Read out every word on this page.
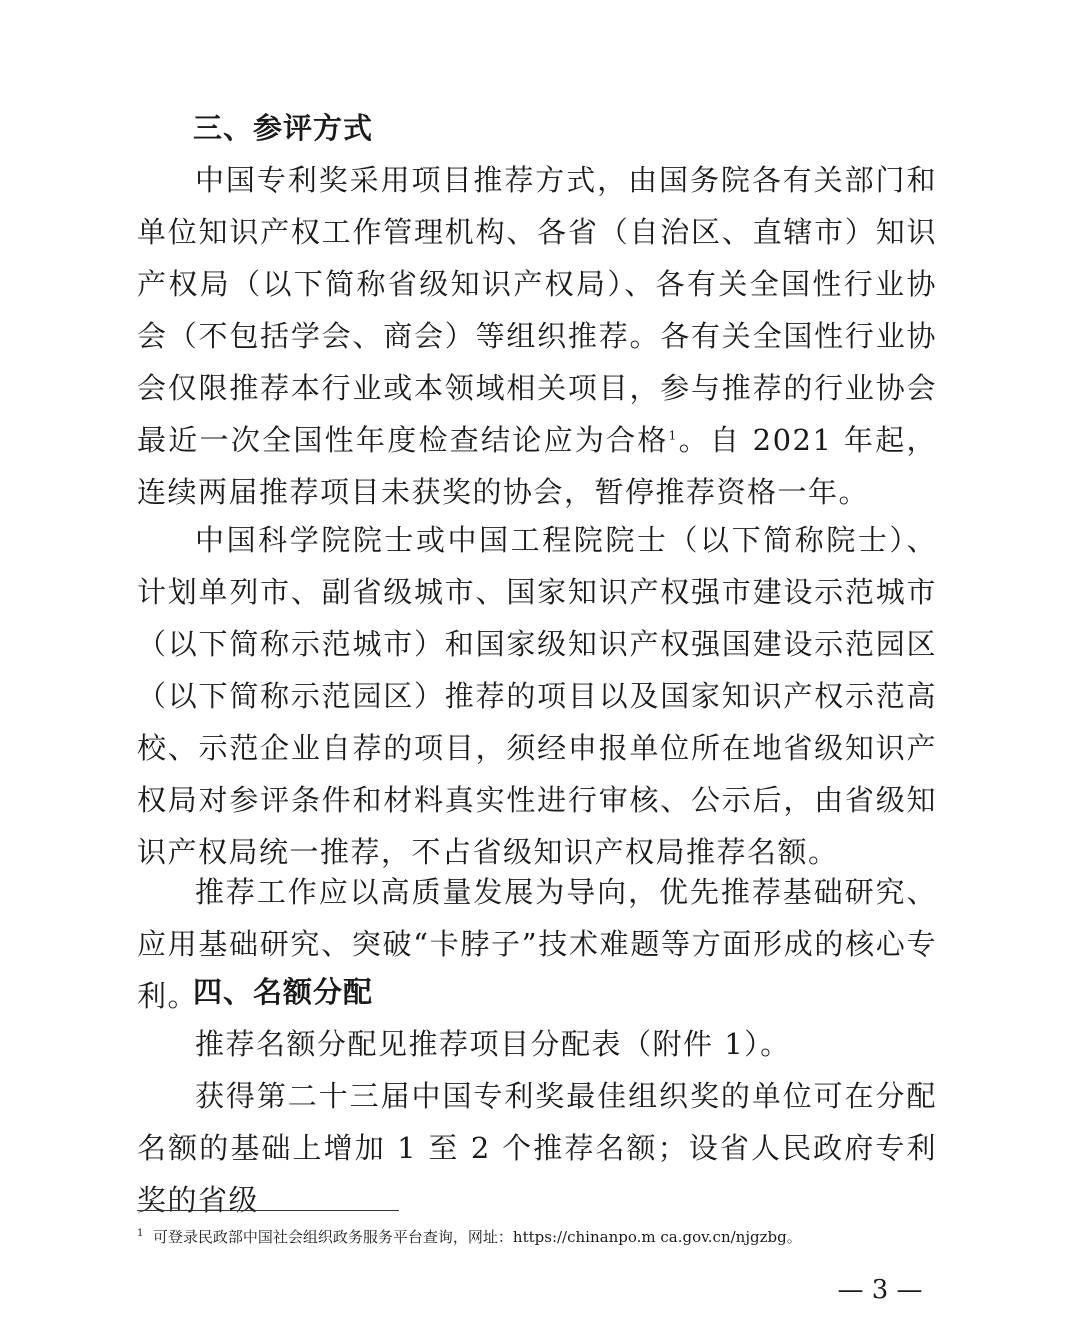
三、参评方式

中国专利奖采用项目推荐方式，由国务院各有关部门和单位知识产权工作管理机构、各省（自治区、直辖市）知识产权局（以下简称省级知识产权局）、各有关全国性行业协会（不包括学会、商会）等组织推荐。各有关全国性行业协会仅限推荐本行业或本领域相关项目，参与推荐的行业协会最近一次全国性年度检查结论应为合格$^1$。自 2021 年起，连续两届推荐项目未获奖的协会，暂停推荐资格一年。

中国科学院院士或中国工程院院士（以下简称院士）、计划单列市、副省级城市、国家知识产权强市建设示范城市（以下简称示范城市）和国家级知识产权强国建设示范园区（以下简称示范园区）推荐的项目以及国家知识产权示范高校、示范企业自荐的项目，须经申报单位所在地省级知识产权局对参评条件和材料真实性进行审核、公示后，由省级知识产权局统一推荐，不占省级知识产权局推荐名额。

推荐工作应以高质量发展为导向，优先推荐基础研究、应用基础研究、突破“卡脖子”技术难题等方面形成的核心专利。

四、名额分配

推荐名额分配见推荐项目分配表（附件 1）。

获得第二十三届中国专利奖最佳组织奖的单位可在分配名额的基础上增加 1 至 2 个推荐名额；设省人民政府专利奖的省级

$^1$ 可登录民政部中国社会组织政务服务平台查询，网址：https://chinanpo.m ca.gov.cn/njgzbg。
— 3 —
